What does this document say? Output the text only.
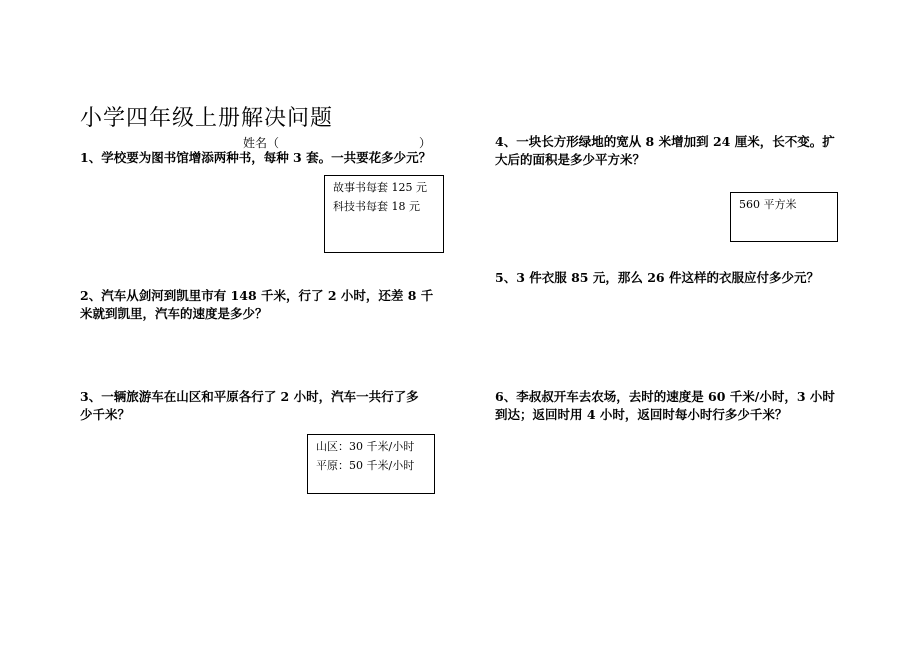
小学四年级上册解决问题
姓名（	）
1、学校要为图书馆增添两种书，每种 3 套。一共要花多少元？
故事书每套 125 元
科技书每套 18 元
2、汽车从剑河到凯里市有 148 千米，行了 2 小时，还差 8 千
米就到凯里，汽车的速度是多少？
3、一辆旅游车在山区和平原各行了 2 小时，汽车一共行了多
少千米？
山区：30 千米/小时
平原：50 千米/小时
4、一块长方形绿地的宽从 8 米增加到 24 厘米，长不变。扩
大后的面积是多少平方米？
560 平方米
5、3 件衣服 85 元，那么 26 件这样的衣服应付多少元？
6、李叔叔开车去农场，去时的速度是 60 千米/小时，3 小时
到达；返回时用 4 小时，返回时每小时行多少千米？
